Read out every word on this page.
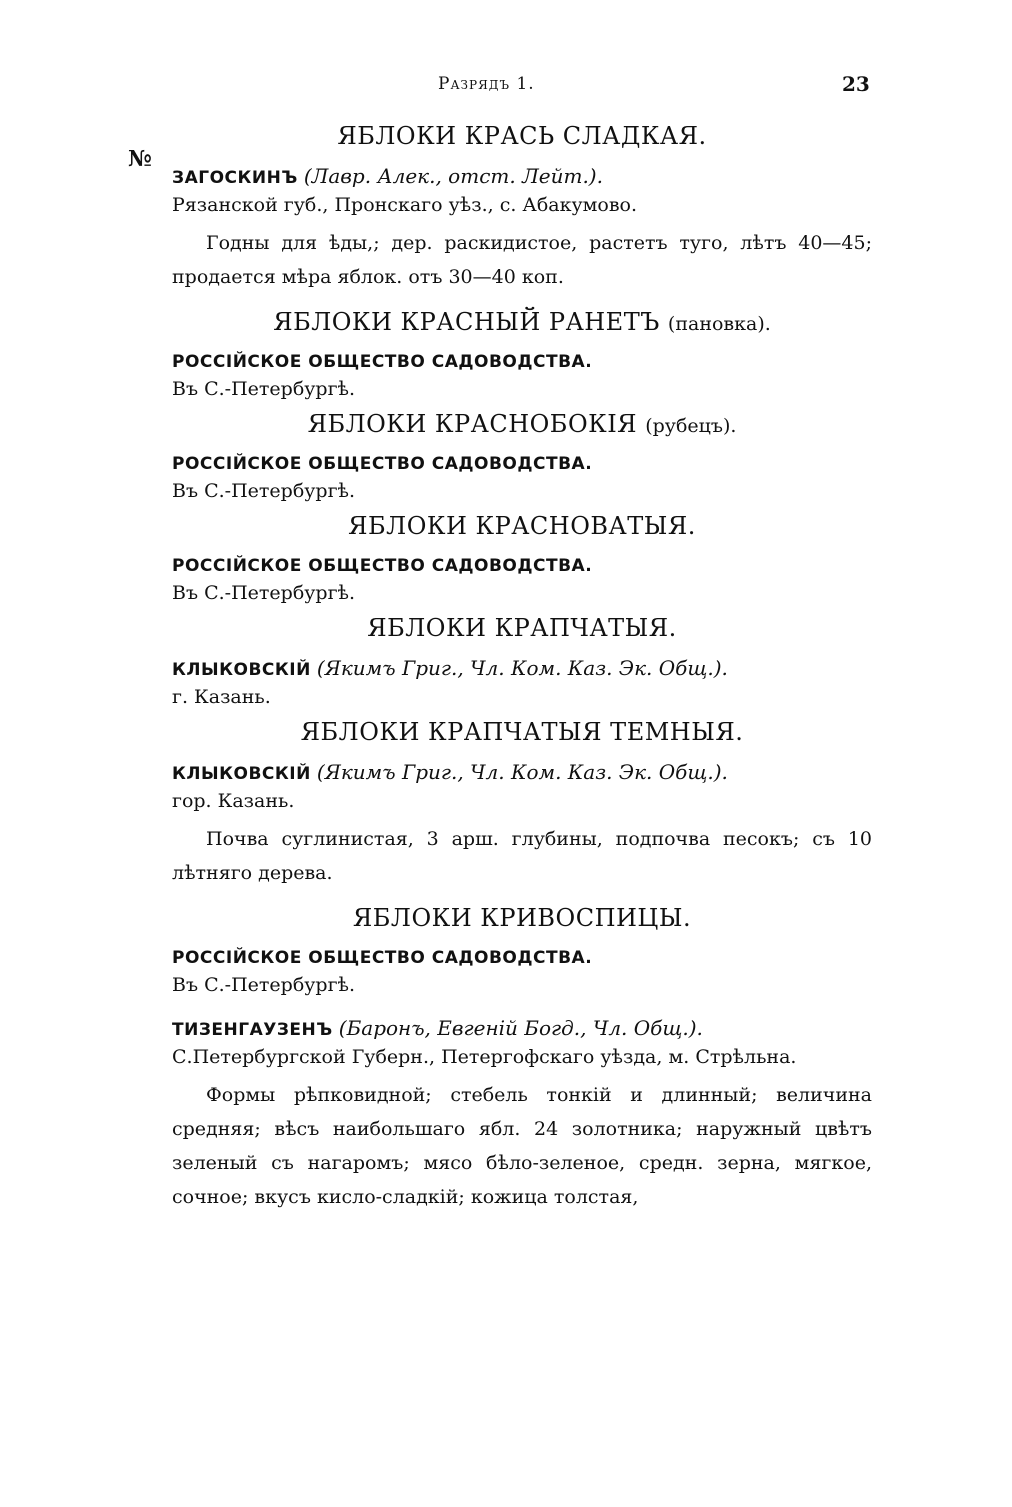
Разрядъ 1.	23
№
ЯБЛОКИ КРАСЬ СЛАДКАЯ.
ЗАГОСКИНЪ (Лавр. Алек., отст. Лейт.).
Рязанской губ., Пронскаго уѣз., с. Абакумово.
Годны для ѣды,; дер. раскидистое, растетъ туго, лѣтъ 40—45; продается мѣра яблок. отъ 30—40 коп.
ЯБЛОКИ КРАСНЫЙ РАНЕТЪ (пановка).
РОССІЙСКОЕ ОБЩЕСТВО САДОВОДСТВА.
Въ С.-Петербургѣ.
ЯБЛОКИ КРАСНОБОКІЯ (рубецъ).
РОССІЙСКОЕ ОБЩЕСТВО САДОВОДСТВА.
Въ С.-Петербургѣ.
ЯБЛОКИ КРАСНОВАТЫЯ.
РОССІЙСКОЕ ОБЩЕСТВО САДОВОДСТВА.
Въ С.-Петербургѣ.
ЯБЛОКИ КРАПЧАТЫЯ.
КЛЫКОВСКІЙ (Якимъ Григ., Чл. Ком. Каз. Эк. Общ.).
г. Казань.
ЯБЛОКИ КРАПЧАТЫЯ ТЕМНЫЯ.
КЛЫКОВСКІЙ (Якимъ Григ., Чл. Ком. Каз. Эк. Общ.).
гор. Казань.
Почва суглинистая, 3 арш. глубины, подпочва песокъ; съ 10 лѣтняго дерева.
ЯБЛОКИ КРИВОСПИЦЫ.
РОССІЙСКОЕ ОБЩЕСТВО САДОВОДСТВА.
Въ С.-Петербургѣ.
ТИЗЕНГАУЗЕНЪ (Баронъ, Евгеній Богд., Чл. Общ.).
С.Петербургской Губерн., Петергофскаго уѣзда, м. Стрѣльна.
Формы рѣпковидной; стебель тонкій и длинный; величина средняя; вѣсъ наибольшаго ябл. 24 золотника; наружный цвѣтъ зеленый съ нагаромъ; мясо бѣло-зеленое, средн. зерна, мягкое, сочное; вкусъ кисло-сладкій; кожица толстая,
